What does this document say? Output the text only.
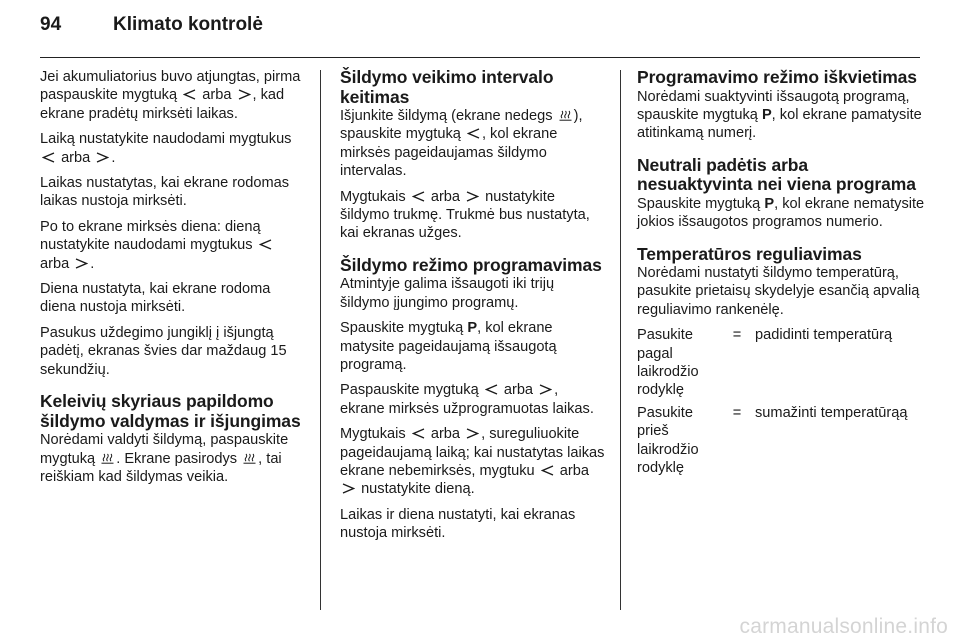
94	Klimato kontrolė

Jei akumuliatorius buvo atjungtas, pirma paspauskite mygtuką arba , kad ekrane pradėtų mirksėti laikas.

Laiką nustatykite naudodami mygtukus
arba .

Laikas nustatytas, kai ekrane rodomas laikas nustoja mirksėti.

Po to ekrane mirksės diena: dieną nustatykite naudodami mygtukus
arba .

Diena nustatyta, kai ekrane rodoma diena nustoja mirksėti.

Pasukus uždegimo jungiklį į išjungtą padėtį, ekranas švies dar maždaug 15 sekundžių.

Keleivių skyriaus papildomo šildymo valdymas ir išjungimas

Norėdami valdyti šildymą, paspauskite mygtuką . Ekrane pasirodys , tai reiškiam kad šildymas veikia.

Šildymo veikimo intervalo keitimas

Išjunkite šildymą (ekrane nedegs ), spauskite mygtuką , kol ekrane mirksės pageidaujamas šildymo intervalas.

Mygtukais arba nustatykite šildymo trukmę. Trukmė bus nustatyta, kai ekranas užges.

Šildymo režimo programavimas

Atmintyje galima išsaugoti iki trijų šildymo įjungimo programų.

Spauskite mygtuką P, kol ekrane matysite pageidaujamą išsaugotą programą.

Paspauskite mygtuką arba , ekrane mirksės užprogramuotas laikas.

Mygtukais arba , sureguliuokite pageidaujamą laiką; kai nustatytas laikas ekrane nebemirksės, mygtuku arba
nustatykite dieną.

Laikas ir diena nustatyti, kai ekranas nustoja mirksėti.

Programavimo režimo iškvietimas

Norėdami suaktyvinti išsaugotą programą, spauskite mygtuką P, kol ekrane pamatysite atitinkamą numerį.

Neutrali padėtis arba nesuaktyvinta nei viena programa

Spauskite mygtuką P, kol ekrane nematysite jokios išsaugotos programos numerio.

Temperatūros reguliavimas

Norėdami nustatyti šildymo temperatūrą, pasukite prietaisų skydelyje esančią apvalią reguliavimo rankenėlę.

Pasukite pagal laikrodžio rodyklę	=	padidinti temperatūrą
Pasukite prieš laikrodžio rodyklę	=	sumažinti temperatūrąą
carmanualsonline.info
